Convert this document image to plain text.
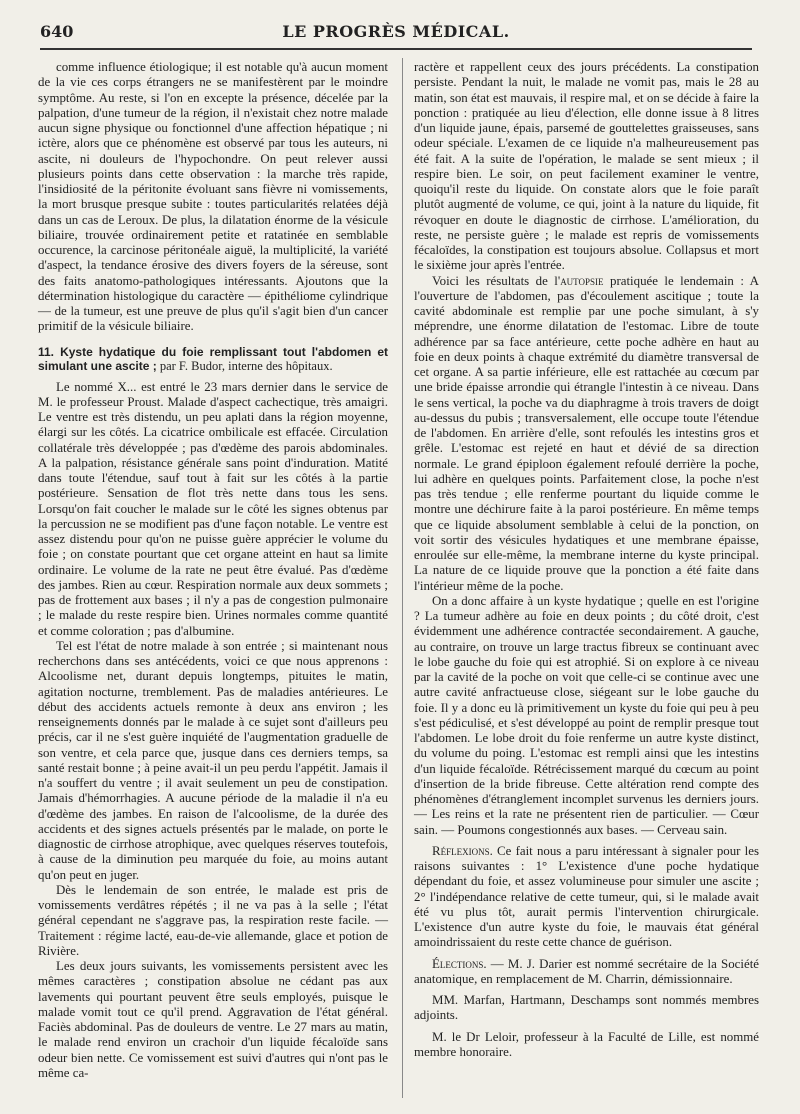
640	LE PROGRÈS MÉDICAL.

comme influence étiologique; il est notable qu'à aucun moment de la vie ces corps étrangers ne se manifestèrent par le moindre symptôme. Au reste, si l'on en excepte la présence, décelée par la palpation, d'une tumeur de la région, il n'existait chez notre malade aucun signe physique ou fonctionnel d'une affection hépatique ; ni ictère, alors que ce phénomène est observé par tous les auteurs, ni ascite, ni douleurs de l'hypochondre. On peut relever aussi plusieurs points dans cette observation : la marche très rapide, l'insidiosité de la péritonite évoluant sans fièvre ni vomissements, la mort brusque presque subite : toutes particularités relatées déjà dans un cas de Leroux. De plus, la dilatation énorme de la vésicule biliaire, trouvée ordinairement petite et ratatinée en semblable occurence, la carcinose péritonéale aiguë, la multiplicité, la variété d'aspect, la tendance érosive des divers foyers de la séreuse, sont des faits anatomo-pathologiques intéressants. Ajoutons que la détermination histologique du caractère — épithéliome cylindrique — de la tumeur, est une preuve de plus qu'il s'agit bien d'un cancer primitif de la vésicule biliaire.

11. Kyste hydatique du foie remplissant tout l'abdomen et simulant une ascite ; par F. Budor, interne des hôpitaux.

Le nommé X... est entré le 23 mars dernier dans le service de M. le professeur Proust. Malade d'aspect cachectique, très amaigri. Le ventre est très distendu, un peu aplati dans la région moyenne, élargi sur les côtés. La cicatrice ombilicale est effacée. Circulation collatérale très développée ; pas d'œdème des parois abdominales. A la palpation, résistance générale sans point d'induration. Matité dans toute l'étendue, sauf tout à fait sur les côtés à la partie postérieure. Sensation de flot très nette dans tous les sens. Lorsqu'on fait coucher le malade sur le côté les signes obtenus par la percussion ne se modifient pas d'une façon notable. Le ventre est assez distendu pour qu'on ne puisse guère apprécier le volume du foie ; on constate pourtant que cet organe atteint en haut sa limite ordinaire. Le volume de la rate ne peut être évalué. Pas d'œdème des jambes. Rien au cœur. Respiration normale aux deux sommets ; pas de frottement aux bases ; il n'y a pas de congestion pulmonaire ; le malade du reste respire bien. Urines normales comme quantité et comme coloration ; pas d'albumine.

Tel est l'état de notre malade à son entrée ; si maintenant nous recherchons dans ses antécédents, voici ce que nous apprenons : Alcoolisme net, durant depuis longtemps, pituites le matin, agitation nocturne, tremblement. Pas de maladies antérieures. Le début des accidents actuels remonte à deux ans environ ; les renseignements donnés par le malade à ce sujet sont d'ailleurs peu précis, car il ne s'est guère inquiété de l'augmentation graduelle de son ventre, et cela parce que, jusque dans ces derniers temps, sa santé restait bonne ; à peine avait-il un peu perdu l'appétit. Jamais il n'a souffert du ventre ; il avait seulement un peu de constipation. Jamais d'hémorrhagies. A aucune période de la maladie il n'a eu d'œdème des jambes. En raison de l'alcoolisme, de la durée des accidents et des signes actuels présentés par le malade, on porte le diagnostic de cirrhose atrophique, avec quelques réserves toutefois, à cause de la diminution peu marquée du foie, au moins autant qu'on peut en juger.

Dès le lendemain de son entrée, le malade est pris de vomissements verdâtres répétés ; il ne va pas à la selle ; l'état général cependant ne s'aggrave pas, la respiration reste facile. — Traitement : régime lacté, eau-de-vie allemande, glace et potion de Rivière.

Les deux jours suivants, les vomissements persistent avec les mêmes caractères ; constipation absolue ne cédant pas aux lavements qui pourtant peuvent être seuls employés, puisque le malade vomit tout ce qu'il prend. Aggravation de l'état général. Faciès abdominal. Pas de douleurs de ventre. Le 27 mars au matin, le malade rend environ un crachoir d'un liquide fécaloïde sans odeur bien nette. Ce vomissement est suivi d'autres qui n'ont pas le même ca-

ractère et rappellent ceux des jours précédents. La constipation persiste. Pendant la nuit, le malade ne vomit pas, mais le 28 au matin, son état est mauvais, il respire mal, et on se décide à faire la ponction : pratiquée au lieu d'élection, elle donne issue à 8 litres d'un liquide jaune, épais, parsemé de gouttelettes graisseuses, sans odeur spéciale. L'examen de ce liquide n'a malheureusement pas été fait. A la suite de l'opération, le malade se sent mieux ; il respire bien. Le soir, on peut facilement examiner le ventre, quoiqu'il reste du liquide. On constate alors que le foie paraît plutôt augmenté de volume, ce qui, joint à la nature du liquide, fit révoquer en doute le diagnostic de cirrhose. L'amélioration, du reste, ne persiste guère ; le malade est repris de vomissements fécaloïdes, la constipation est toujours absolue. Collapsus et mort le sixième jour après l'entrée.

Voici les résultats de l'autopsie pratiquée le lendemain : A l'ouverture de l'abdomen, pas d'écoulement ascitique ; toute la cavité abdominale est remplie par une poche simulant, à s'y méprendre, une énorme dilatation de l'estomac. Libre de toute adhérence par sa face antérieure, cette poche adhère en haut au foie en deux points à chaque extrémité du diamètre transversal de cet organe. A sa partie inférieure, elle est rattachée au cœcum par une bride épaisse arrondie qui étrangle l'intestin à ce niveau. Dans le sens vertical, la poche va du diaphragme à trois travers de doigt au-dessus du pubis ; transversalement, elle occupe toute l'étendue de l'abdomen. En arrière d'elle, sont refoulés les intestins gros et grêle. L'estomac est rejeté en haut et dévié de sa direction normale. Le grand épiploon également refoulé derrière la poche, lui adhère en quelques points. Parfaitement close, la poche n'est pas très tendue ; elle renferme pourtant du liquide comme le montre une déchirure faite à la paroi postérieure. En même temps que ce liquide absolument semblable à celui de la ponction, on voit sortir des vésicules hydatiques et une membrane épaisse, enroulée sur elle-même, la membrane interne du kyste principal. La nature de ce liquide prouve que la ponction a été faite dans l'intérieur même de la poche.

On a donc affaire à un kyste hydatique ; quelle en est l'origine ? La tumeur adhère au foie en deux points ; du côté droit, c'est évidemment une adhérence contractée secondairement. A gauche, au contraire, on trouve un large tractus fibreux se continuant avec le lobe gauche du foie qui est atrophié. Si on explore à ce niveau par la cavité de la poche on voit que celle-ci se continue avec une autre cavité anfractueuse close, siégeant sur le lobe gauche du foie. Il y a donc eu là primitivement un kyste du foie qui peu à peu s'est pédiculisé, et s'est développé au point de remplir presque tout l'abdomen. Le lobe droit du foie renferme un autre kyste distinct, du volume du poing. L'estomac est rempli ainsi que les intestins d'un liquide fécaloïde. Rétrécissement marqué du cœcum au point d'insertion de la bride fibreuse. Cette altération rend compte des phénomènes d'étranglement incomplet survenus les derniers jours. — Les reins et la rate ne présentent rien de particulier. — Cœur sain. — Poumons congestionnés aux bases. — Cerveau sain.

Réflexions. Ce fait nous a paru intéressant à signaler pour les raisons suivantes : 1° L'existence d'une poche hydatique dépendant du foie, et assez volumineuse pour simuler une ascite ; 2° l'indépendance relative de cette tumeur, qui, si le malade avait été vu plus tôt, aurait permis l'intervention chirurgicale. L'existence d'un autre kyste du foie, le mauvais état général amoindrissaient du reste cette chance de guérison.

Élections. — M. J. Darier est nommé secrétaire de la Société anatomique, en remplacement de M. Charrin, démissionnaire.

MM. Marfan, Hartmann, Deschamps sont nommés membres adjoints.

M. le Dr Leloir, professeur à la Faculté de Lille, est nommé membre honoraire.
